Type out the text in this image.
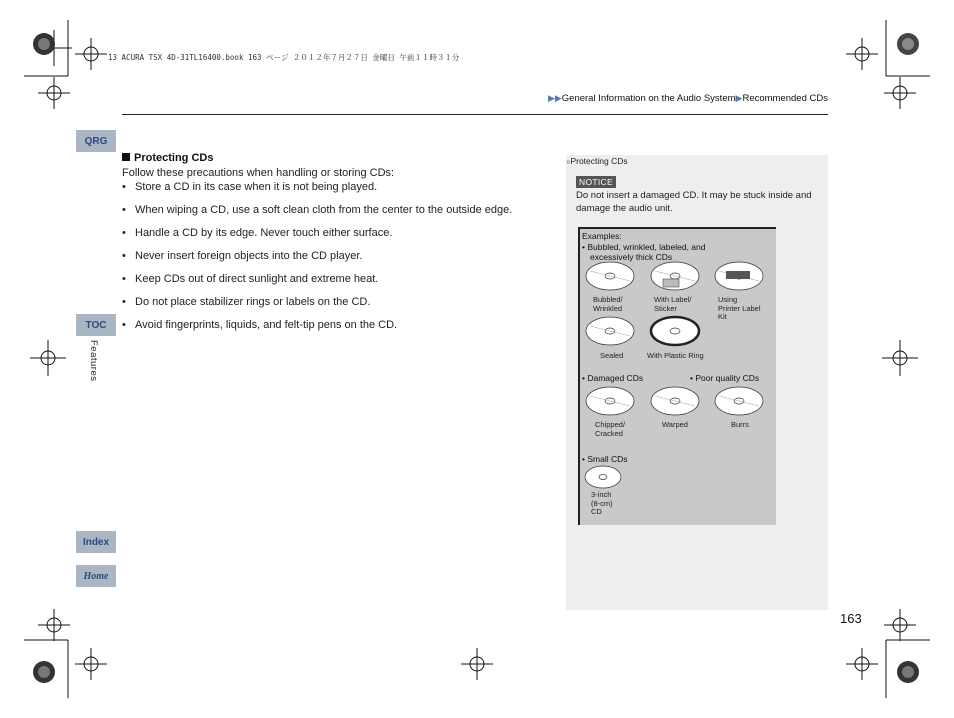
13 ACURA TSX 4D-31TL16400.book 163 ページ ２０１２年７月２７日 金曜日 午前１１時３１分
▶▶General Information on the Audio System▶Recommended CDs
QRG
TOC
Index
Home
Features
Protecting CDs
Follow these precautions when handling or storing CDs:
• Store a CD in its case when it is not being played.
• When wiping a CD, use a soft clean cloth from the center to the outside edge.
• Handle a CD by its edge. Never touch either surface.
• Never insert foreign objects into the CD player.
• Keep CDs out of direct sunlight and extreme heat.
• Do not place stabilizer rings or labels on the CD.
• Avoid fingerprints, liquids, and felt-tip pens on the CD.
»Protecting CDs
NOTICE
Do not insert a damaged CD. It may be stuck inside and damage the audio unit.
Examples:
• Bubbled, wrinkled, labeled, and
excessively thick CDs
Bubbled/
Wrinkled
With Label/
Sticker
Using
Printer Label
Kit
Sealed	With Plastic Ring
• Damaged CDs	• Poor quality CDs
Chipped/
Cracked
Warped	Burrs
• Small CDs
3-inch
(8-cm)
CD
163
